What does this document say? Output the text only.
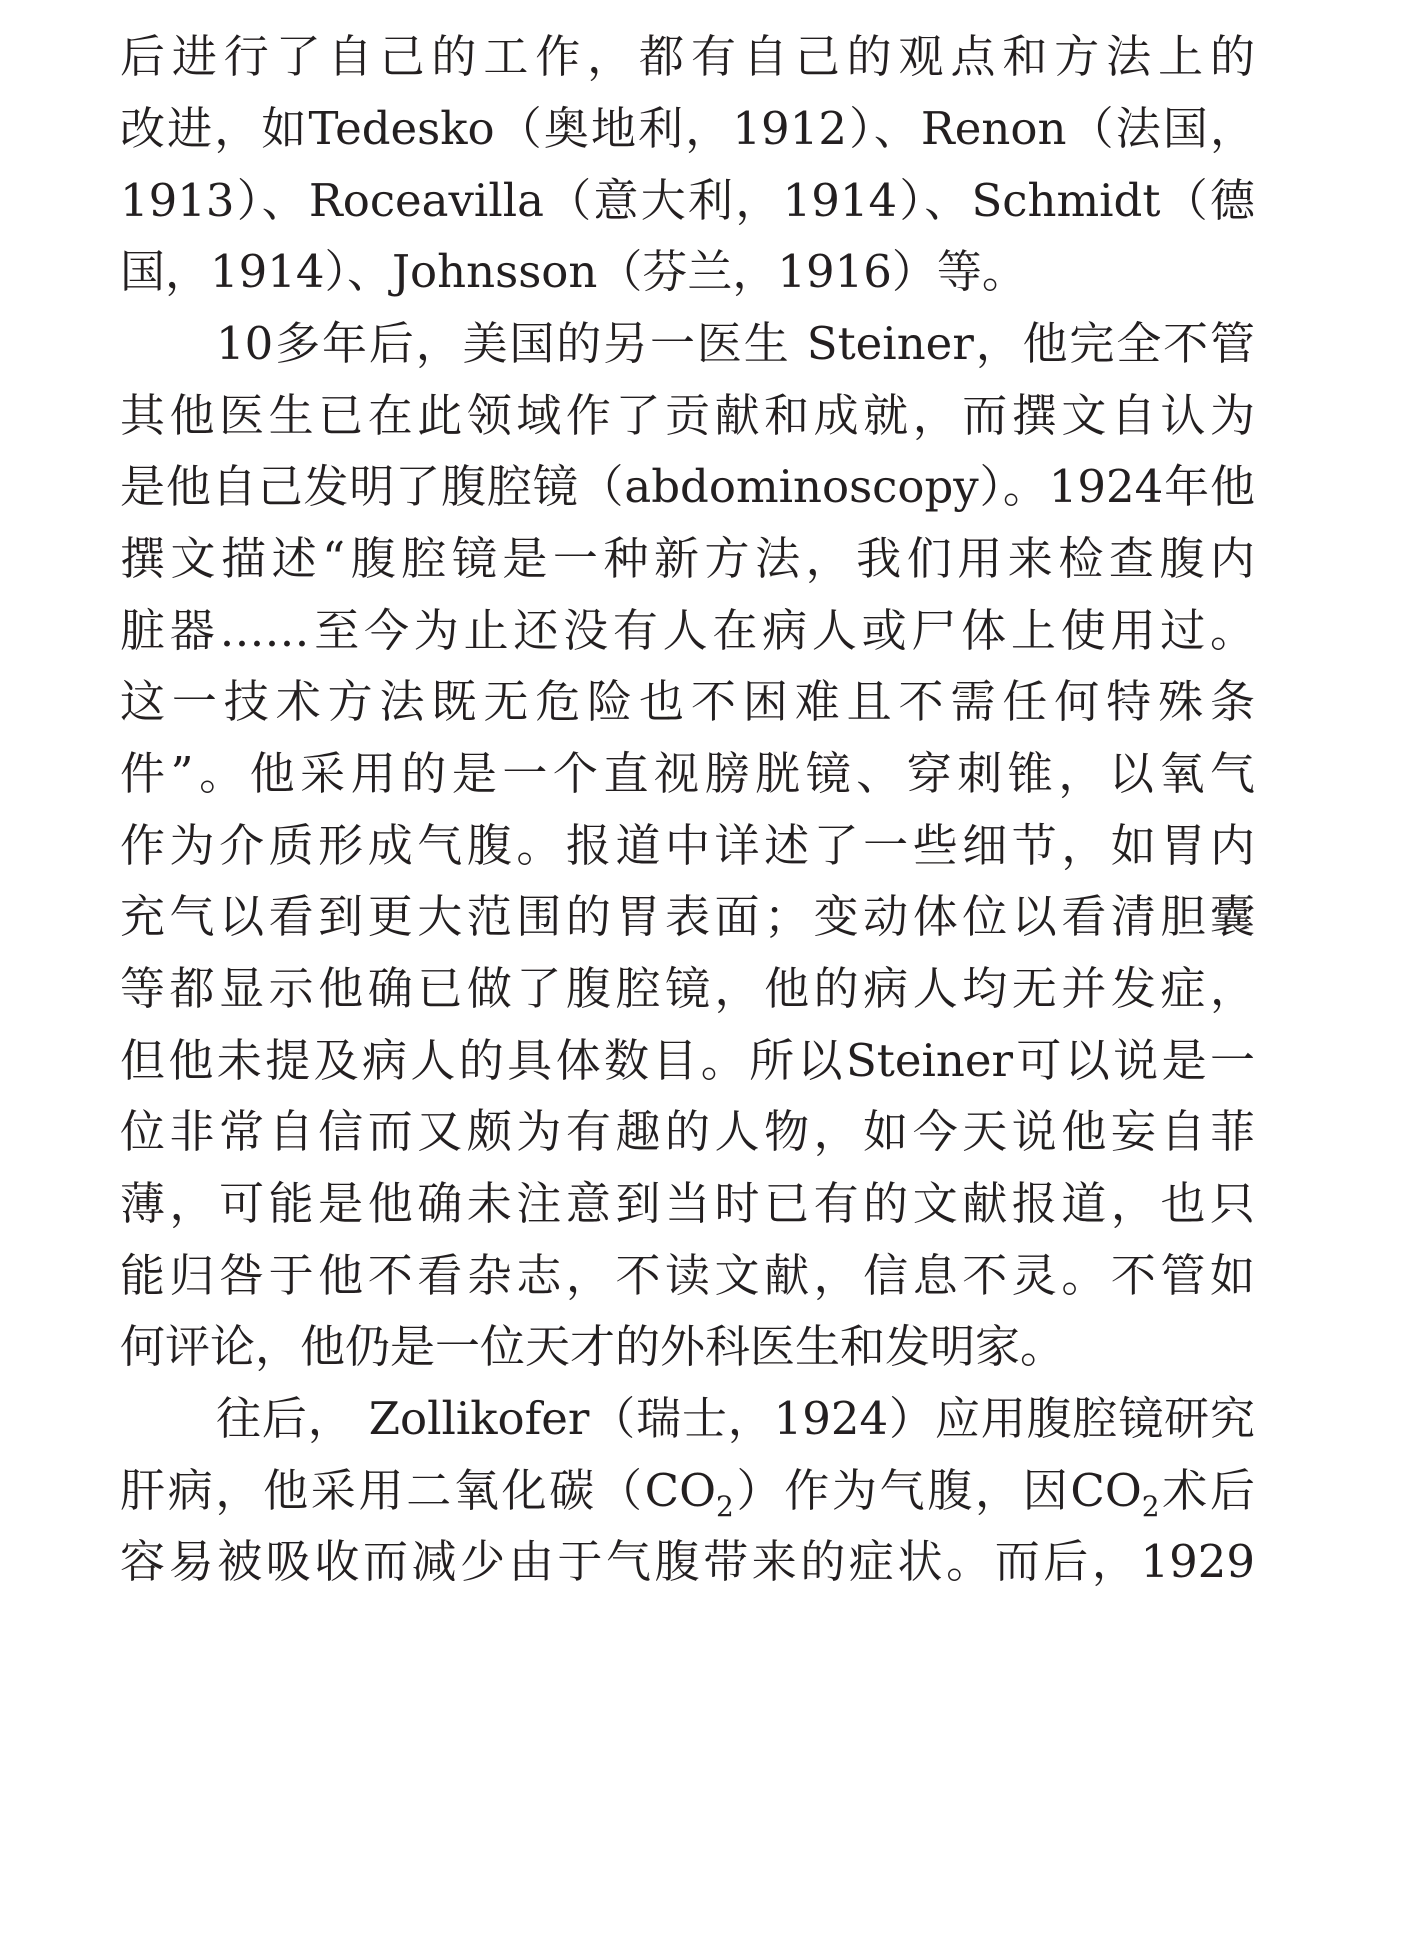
后进行了自己的工作，都有自己的观点和方法上的
改进，如Tedesko（奥地利，1912）、Renon（法国，
1913）、Roceavilla（意大利，1914）、Schmidt（德
国，1914）、Johnsson（芬兰，1916）等。
10多年后，美国的另一医生 Steiner，他完全不管
其他医生已在此领域作了贡献和成就，而撰文自认为
是他自己发明了腹腔镜（abdominoscopy）。1924年他
撰文描述“腹腔镜是一种新方法，我们用来检查腹内
脏器……至今为止还没有人在病人或尸体上使用过。
这一技术方法既无危险也不困难且不需任何特殊条
件”。他采用的是一个直视膀胱镜、穿刺锥，以氧气
作为介质形成气腹。报道中详述了一些细节，如胃内
充气以看到更大范围的胃表面；变动体位以看清胆囊
等都显示他确已做了腹腔镜，他的病人均无并发症，
但他未提及病人的具体数目。所以Steiner可以说是一
位非常自信而又颇为有趣的人物，如今天说他妄自菲
薄，可能是他确未注意到当时已有的文献报道，也只
能归咎于他不看杂志，不读文献，信息不灵。不管如
何评论，他仍是一位天才的外科医生和发明家。
往后， Zollikofer（瑞士，1924）应用腹腔镜研究
肝病，他采用二氧化碳$(CO_2)$作为气腹，因$CO_2$术后
容易被吸收而减少由于气腹带来的症状。而后，1929
